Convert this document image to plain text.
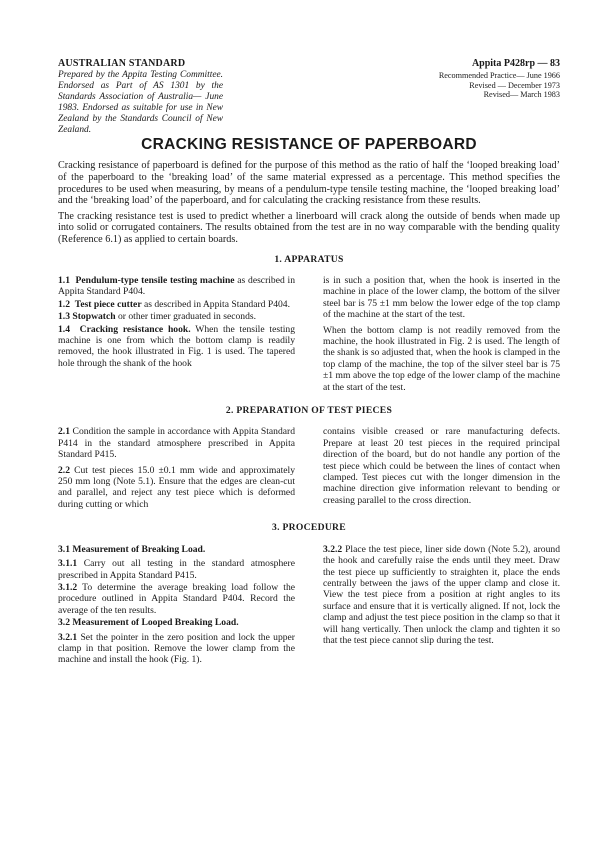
AUSTRALIAN STANDARD
Prepared by the Appita Testing Committee. Endorsed as Part of AS 1301 by the Standards Association of Australia— June 1983. Endorsed as suitable for use in New Zealand by the Standards Council of New Zealand.
Appita P428rp — 83
Recommended Practice— June 1966
Revised — December 1973
Revised— March 1983
CRACKING RESISTANCE OF PAPERBOARD

Cracking resistance of paperboard is defined for the purpose of this method as the ratio of half the ‘looped breaking load’ of the paperboard to the ‘breaking load’ of the same material expressed as a percentage. This method specifies the procedures to be used when measuring, by means of a pendulum-type tensile testing machine, the ‘looped breaking load’ and the ‘breaking load’ of the paperboard, and for calculating the cracking resistance from these results.

The cracking resistance test is used to predict whether a linerboard will crack along the outside of bends when made up into solid or corrugated containers. The results obtained from the test are in no way comparable with the bending quality (Reference 6.1) as applied to certain boards.

1. APPARATUS

1.1 Pendulum-type tensile testing machine as described in Appita Standard P404.

1.2 Test piece cutter as described in Appita Standard P404.

1.3 Stopwatch or other timer graduated in seconds.

1.4 Cracking resistance hook. When the tensile testing machine is one from which the bottom clamp is readily removed, the hook illustrated in Fig. 1 is used. The tapered hole through the shank of the hook

is in such a position that, when the hook is inserted in the machine in place of the lower clamp, the bottom of the silver steel bar is 75 ±1 mm below the lower edge of the top clamp of the machine at the start of the test.

When the bottom clamp is not readily removed from the machine, the hook illustrated in Fig. 2 is used. The length of the shank is so adjusted that, when the hook is clamped in the top clamp of the machine, the top of the silver steel bar is 75 ±1 mm above the top edge of the lower clamp of the machine at the start of the test.

2. PREPARATION OF TEST PIECES

2.1 Condition the sample in accordance with Appita Standard P414 in the standard atmosphere prescribed in Appita Standard P415.

2.2 Cut test pieces 15.0 ±0.1 mm wide and approximately 250 mm long (Note 5.1). Ensure that the edges are clean-cut and parallel, and reject any test piece which is deformed during cutting or which

contains visible creased or rare manufacturing defects. Prepare at least 20 test pieces in the required principal direction of the board, but do not handle any portion of the test piece which could be between the lines of contact when clamped. Test pieces cut with the longer dimension in the machine direction give information relevant to bending or creasing parallel to the cross direction.

3. PROCEDURE
3.1 Measurement of Breaking Load.

3.1.1 Carry out all testing in the standard atmosphere prescribed in Appita Standard P415.

3.1.2 To determine the average breaking load follow the procedure outlined in Appita Standard P404. Record the average of the ten results.

3.2 Measurement of Looped Breaking Load.

3.2.1 Set the pointer in the zero position and lock the upper clamp in that position. Remove the lower clamp from the machine and install the hook (Fig. 1).

3.2.2 Place the test piece, liner side down (Note 5.2), around the hook and carefully raise the ends until they meet. Draw the test piece up sufficiently to straighten it, place the ends centrally between the jaws of the upper clamp and close it. View the test piece from a position at right angles to its surface and ensure that it is vertically aligned. If not, lock the clamp and adjust the test piece position in the clamp so that it will hang vertically. Then unlock the clamp and tighten it so that the test piece cannot slip during the test.
